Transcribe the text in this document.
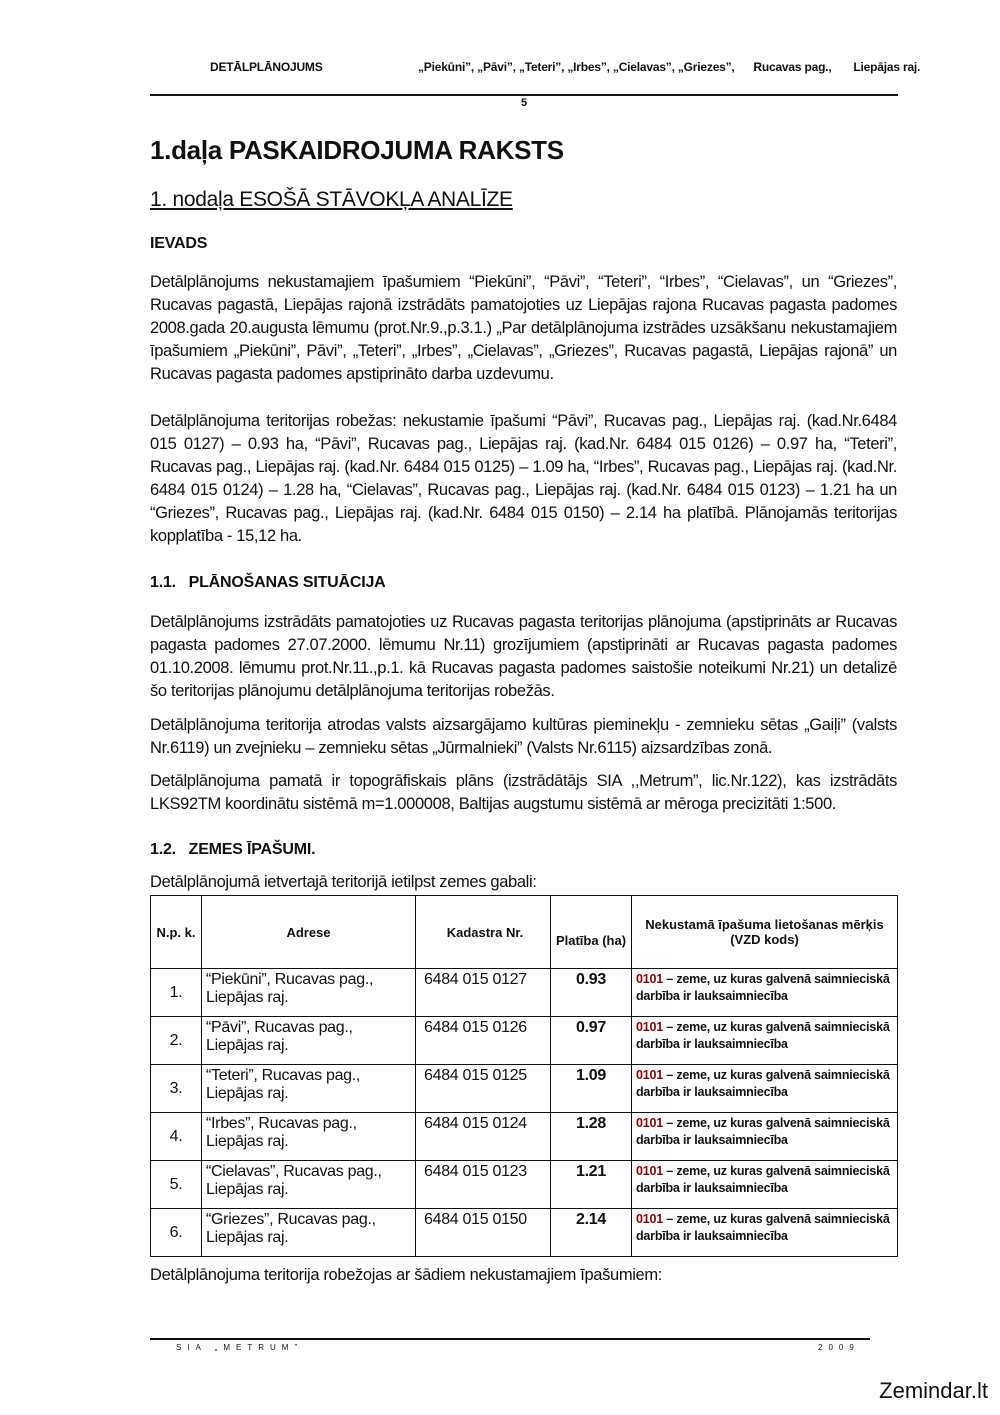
DETĀLPLĀNOJUMS	„Piekūni”, „Pāvi”, „Teteri”, „Irbes”, „Cielavas”, „Griezes”,      Rucavas pag.,       Liepājas raj.
5
1.daļa PASKAIDROJUMA RAKSTS
1. nodaļa ESOŠĀ STĀVOKĻA ANALĪZE
IEVADS

Detālplānojums nekustamajiem īpašumiem “Piekūni”, “Pāvi”, “Teteri”, “Irbes”, “Cielavas”, un “Griezes”, Rucavas pagastā, Liepājas rajonā izstrādāts pamatojoties uz Liepājas rajona Rucavas pagasta padomes 2008.gada 20.augusta lēmumu (prot.Nr.9.,p.3.1.) „Par detālplānojuma izstrādes uzsākšanu nekustamajiem īpašumiem „Piekūni”, Pāvi”, „Teteri”, „Irbes”, „Cielavas”, „Griezes”, Rucavas pagastā, Liepājas rajonā” un Rucavas pagasta padomes apstiprināto darba uzdevumu.

Detālplānojuma teritorijas robežas: nekustamie īpašumi “Pāvi”, Rucavas pag., Liepājas raj. (kad.Nr.6484 015 0127) – 0.93 ha, “Pāvi”, Rucavas pag., Liepājas raj. (kad.Nr. 6484 015 0126) – 0.97 ha, “Teteri”, Rucavas pag., Liepājas raj. (kad.Nr. 6484 015 0125) – 1.09 ha, “Irbes”, Rucavas pag., Liepājas raj. (kad.Nr. 6484 015 0124) – 1.28 ha, “Cielavas”, Rucavas pag., Liepājas raj. (kad.Nr. 6484 015 0123) – 1.21 ha un “Griezes”, Rucavas pag., Liepājas raj. (kad.Nr. 6484 015 0150) – 2.14 ha platībā. Plānojamās teritorijas kopplatība - 15,12 ha.

1.1.   PLĀNOŠANAS SITUĀCIJA

Detālplānojums izstrādāts pamatojoties uz Rucavas pagasta teritorijas plānojuma (apstiprināts ar Rucavas pagasta padomes 27.07.2000. lēmumu Nr.11) grozījumiem (apstiprināti ar Rucavas pagasta padomes 01.10.2008. lēmumu prot.Nr.11.,p.1. kā Rucavas pagasta padomes saistošie noteikumi Nr.21) un detalizē šo teritorijas plānojumu detālplānojuma teritorijas robežās.

Detālplānojuma teritorija atrodas valsts aizsargājamo kultūras pieminekļu - zemnieku sētas „Gaiļi” (valsts Nr.6119) un zvejnieku – zemnieku sētas „Jūrmalnieki” (Valsts Nr.6115) aizsardzības zonā.

Detālplānojuma pamatā ir topogrāfiskais plāns (izstrādātājs SIA ,,Metrum”, lic.Nr.122), kas izstrādāts LKS92TM koordinātu sistēmā m=1.000008, Baltijas augstumu sistēmā ar mēroga precizitāti 1:500.

1.2.   ZEMES ĪPAŠUMI.
Detālplānojumā ietvertajā teritorijā ietilpst zemes gabali:
N.p. k.	Adrese	Kadastra Nr.	Platība (ha)	Nekustamā īpašuma lietošanas mērķis (VZD kods)
1.	“Piekūni”, Rucavas pag., Liepājas raj.	6484 015 0127	0.93	0101 – zeme, uz kuras galvenā saimnieciskā darbība ir lauksaimniecība
2.	“Pāvi”, Rucavas pag., Liepājas raj.	6484 015 0126	0.97	0101 – zeme, uz kuras galvenā saimnieciskā darbība ir lauksaimniecība
3.	“Teteri”, Rucavas pag., Liepājas raj.	6484 015 0125	1.09	0101 – zeme, uz kuras galvenā saimnieciskā darbība ir lauksaimniecība
4.	“Irbes”, Rucavas pag., Liepājas raj.	6484 015 0124	1.28	0101 – zeme, uz kuras galvenā saimnieciskā darbība ir lauksaimniecība
5.	“Cielavas”, Rucavas pag., Liepājas raj.	6484 015 0123	1.21	0101 – zeme, uz kuras galvenā saimnieciskā darbība ir lauksaimniecība
6.	“Griezes”, Rucavas pag., Liepājas raj.	6484 015 0150	2.14	0101 – zeme, uz kuras galvenā saimnieciskā darbība ir lauksaimniecība

Detālplānojuma teritorija robežojas ar šādiem nekustamajiem īpašumiem:

SIA „METRUM”	2009
Zemindar.lt
